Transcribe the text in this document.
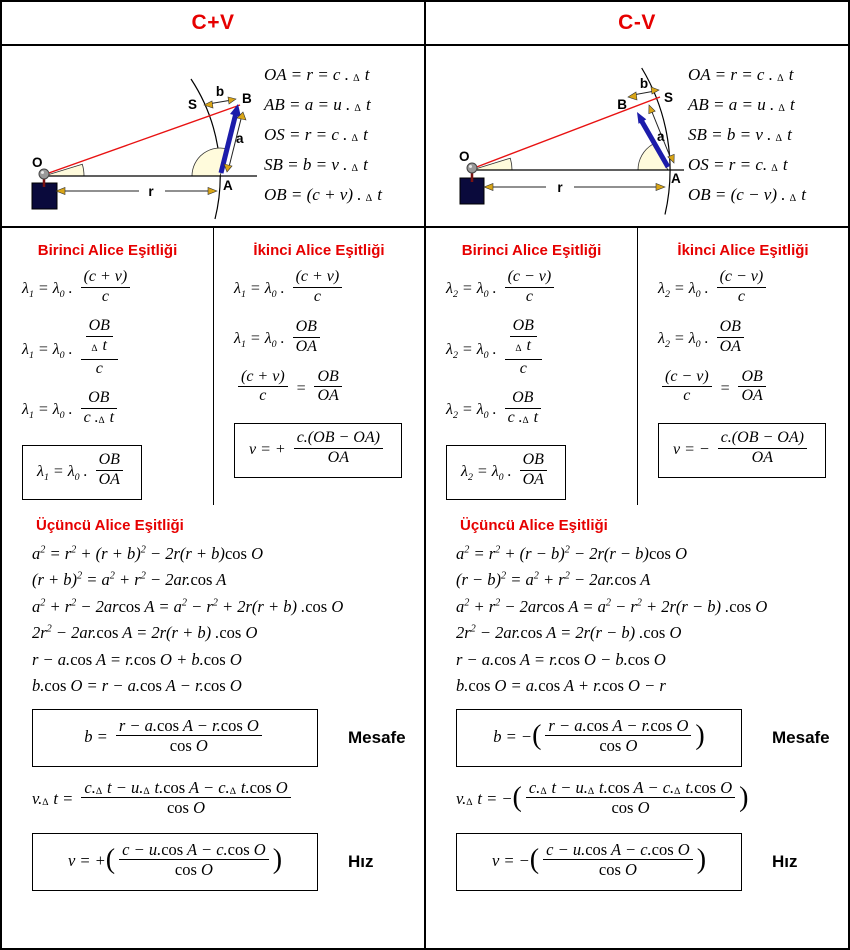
C+V
O
S
b B
a
r	A
OA = r = c . ∆ t
AB = a = u . ∆ t
OS = r = c . ∆ t
SB = b = v . ∆ t
OB = (c + v) . ∆ t
Birinci Alice Eşitliği
$\lambda_1 = \lambda_0$ . $\frac{(c + v)}{c}$
$\lambda_1 = \lambda_0$ . $\frac{\frac{OB}{\Delta t}}{c}$
$\lambda_1 = \lambda_0$ . $\frac{OB}{c .\Delta t}$
$\lambda_1 = \lambda_0$ . $\frac{OB}{OA}$
İkinci Alice Eşitliği
$\lambda_1 = \lambda_0$ . $\frac{(c + v)}{c}$
$\lambda_1 = \lambda_0$ . $\frac{OB}{OA}$
$\frac{(c + v)}{c} = \frac{OB}{OA}$
v = + $\frac{c.(OB - OA)}{OA}$
Üçüncü Alice Eşitliği
$a^2 = r^2 + (r + b)^2 - 2r(r + b)\cos$ O
$(r + b)^2 = a^2 + r^2 - 2ar.\cos$ A
$a^2 + r^2 - 2arcos$ $A = a^2 - r^2 + 2r(r + b)$ .cos O
$2r^2 - 2ar.\cos$ A = 2r(r + b) .cos O
r − a.cos A = r.cos O + b.cos O
b.cos O = r − a.cos A − r.cos O
$b = \frac{\text{r − a.cos A − r.cos O}}{\text{cos O}}$	Mesafe
v.∆ $t = \frac{\text{c.∆ t − u.∆ t.cos A − c.∆ t.cos O}}{\text{cos O}}$
v = +( $\frac{\text{c − u.cos A − c.cos O}}{\text{cos O}}$ )	Hız
C-V
O
b
B	S
a
r
A
OA = r = c . ∆ t
AB = a = u . ∆ t
SB = b = v . ∆ t
OS = r = c. ∆ t
OB = (c − v) . ∆ t
Birinci Alice Eşitliği
$\lambda_2 = \lambda_0$ . $\frac{(c - v)}{c}$
$\lambda_2 = \lambda_0$ . $\frac{\frac{OB}{\Delta t}}{c}$
$\lambda_2 = \lambda_0$ . $\frac{OB}{c .\Delta t}$
$\lambda_2 = \lambda_0$ . $\frac{OB}{OA}$
İkinci Alice Eşitliği
$\lambda_2 = \lambda_0$ . $\frac{(c - v)}{c}$
$\lambda_2 = \lambda_0$ . $\frac{OB}{OA}$
$\frac{(c - v)}{c} = \frac{OB}{OA}$
v = − $\frac{c.(OB - OA)}{OA}$
Üçüncü Alice Eşitliği
$a^2 = r^2 + (r - b)^2 - 2r(r - b)\cos$ O
$(r - b)^2 = a^2 + r^2 - 2ar.\cos$ A
$a^2 + r^2 - 2arcos$ $A = a^2 - r^2 + 2r(r - b)$ .cos O
$2r^2 - 2ar.\cos$ A = 2r(r − b) .cos O
r − a.cos A = r.cos O − b.cos O
b.cos O = a.cos A + r.cos O − r
b = −( $\frac{\text{r − a.cos A − r.cos O}}{\text{cos O}}$ )	Mesafe
v.∆ t = −( $\frac{\text{c.∆ t − u.∆ t.cos A − c.∆ t.cos O}}{\text{cos O}}$ )
v = −( $\frac{\text{c − u.cos A − c.cos O}}{\text{cos O}}$ )	Hız
